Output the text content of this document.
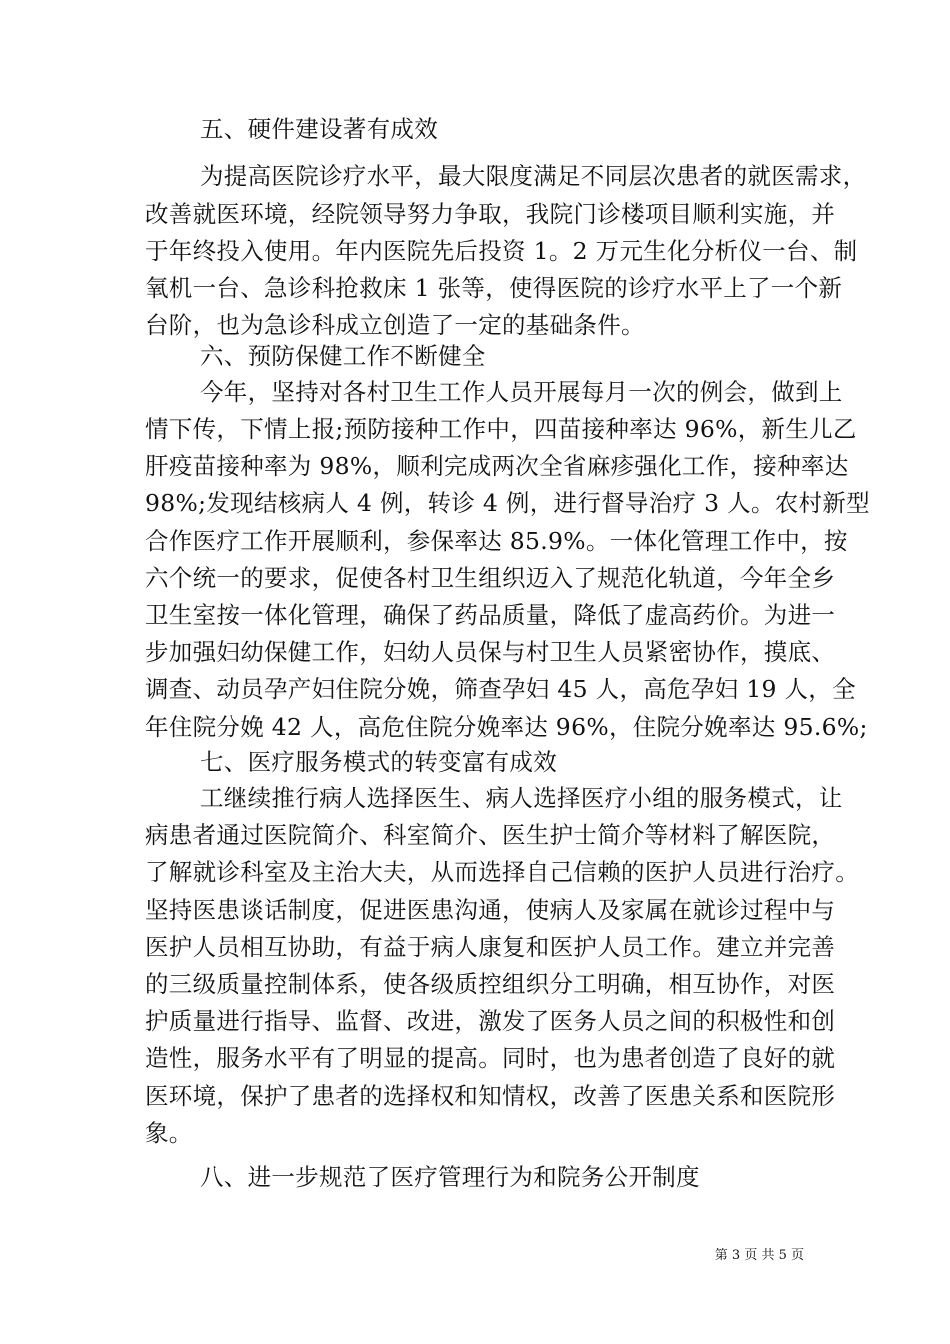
五、硬件建设著有成效
为提高医院诊疗水平，最大限度满足不同层次患者的就医需求，
改善就医环境，经院领导努力争取，我院门诊楼项目顺利实施，并
于年终投入使用。年内医院先后投资 1。2 万元生化分析仪一台、制
氧机一台、急诊科抢救床 1 张等，使得医院的诊疗水平上了一个新
台阶，也为急诊科成立创造了一定的基础条件。
六、预防保健工作不断健全
今年，坚持对各村卫生工作人员开展每月一次的例会，做到上
情下传，下情上报;预防接种工作中，四苗接种率达 96%，新生儿乙
肝疫苗接种率为 98%，顺利完成两次全省麻疹强化工作，接种率达
98%;发现结核病人 4 例，转诊 4 例，进行督导治疗 3 人。农村新型
合作医疗工作开展顺利，参保率达 85.9%。一体化管理工作中，按
六个统一的要求，促使各村卫生组织迈入了规范化轨道，今年全乡
卫生室按一体化管理，确保了药品质量，降低了虚高药价。为进一
步加强妇幼保健工作，妇幼人员保与村卫生人员紧密协作，摸底、
调查、动员孕产妇住院分娩，筛查孕妇 45 人，高危孕妇 19 人，全
年住院分娩 42 人，高危住院分娩率达 96%，住院分娩率达 95.6%;
七、医疗服务模式的转变富有成效
工继续推行病人选择医生、病人选择医疗小组的服务模式，让
病患者通过医院简介、科室简介、医生护士简介等材料了解医院，
了解就诊科室及主治大夫，从而选择自己信赖的医护人员进行治疗。
坚持医患谈话制度，促进医患沟通，使病人及家属在就诊过程中与
医护人员相互协助，有益于病人康复和医护人员工作。建立并完善
的三级质量控制体系，使各级质控组织分工明确，相互协作，对医
护质量进行指导、监督、改进，激发了医务人员之间的积极性和创
造性，服务水平有了明显的提高。同时，也为患者创造了良好的就
医环境，保护了患者的选择权和知情权，改善了医患关系和医院形
象。
八、进一步规范了医疗管理行为和院务公开制度
第 3 页 共 5 页
